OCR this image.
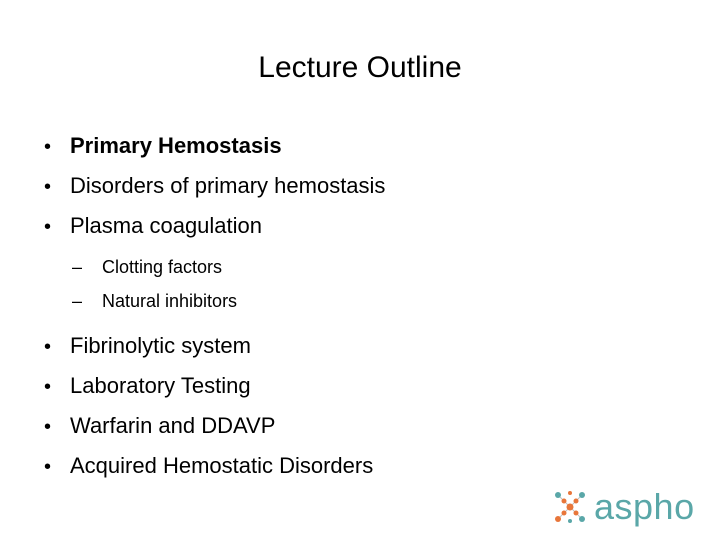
Lecture Outline
• Primary Hemostasis
• Disorders of primary hemostasis
• Plasma coagulation
–	Clotting factors
–	Natural inhibitors
• Fibrinolytic system
• Laboratory Testing
• Warfarin and DDAVP
• Acquired Hemostatic Disorders
aspho
